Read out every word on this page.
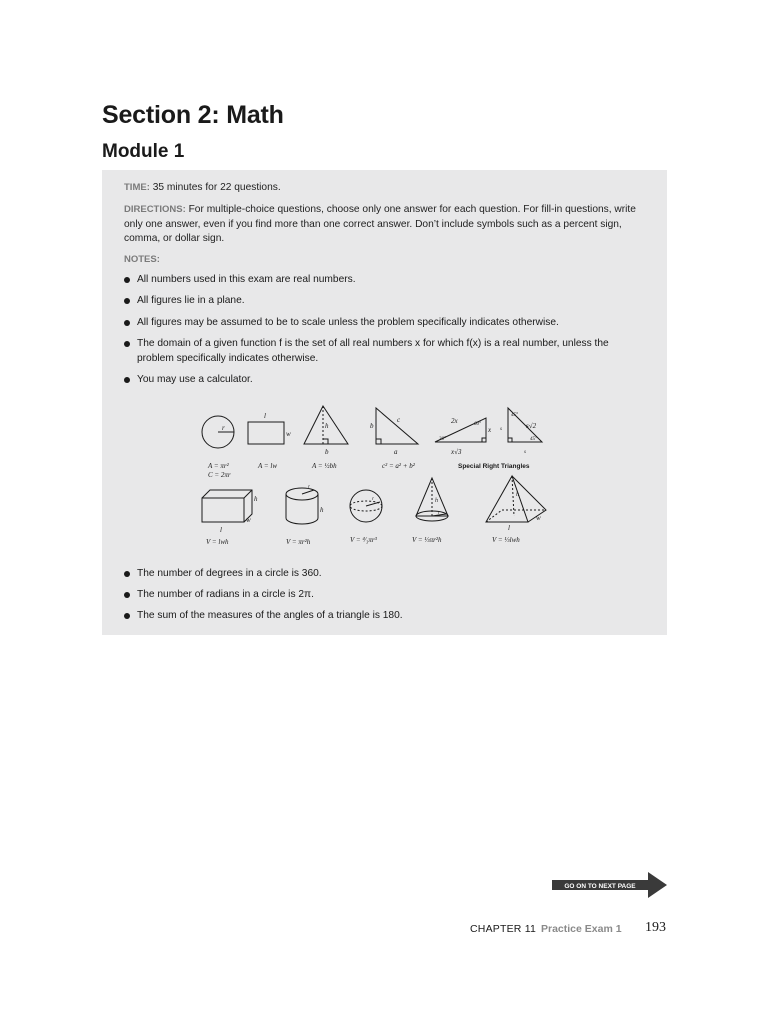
Section 2: Math
Module 1

TIME: 35 minutes for 22 questions.

DIRECTIONS: For multiple-choice questions, choose only one answer for each question. For fill-in questions, write only one answer, even if you find more than one correct answer. Don’t include symbols such as a percent sign, comma, or dollar sign.

NOTES:

All numbers used in this exam are real numbers.

All figures lie in a plane.

All figures may be assumed to be to scale unless the problem specifically indicates otherwise.

The domain of a given function f is the set of all real numbers x for which f(x) is a real number, unless the problem specifically indicates otherwise.

You may use a calculator.

r
l
w
h
b
b
c
a
2x
x
30°
60°
x√3
45°
45°
s√2
s
s
h
w
l
h
r
r	h
r
h
l
w
A = πr²
C = 2πr
A = lw	A = ½bh	c² = a² + b²	Special Right Triangles
V = lwh	V = πr²h	V = ⁴⁄₃πr³	V = ⅓πr²h	V = ⅓lwh

The number of degrees in a circle is 360.

The number of radians in a circle is 2π.

The sum of the measures of the angles of a triangle is 180.

GO ON TO NEXT PAGE
CHAPTER 11 Practice Exam 1 193
